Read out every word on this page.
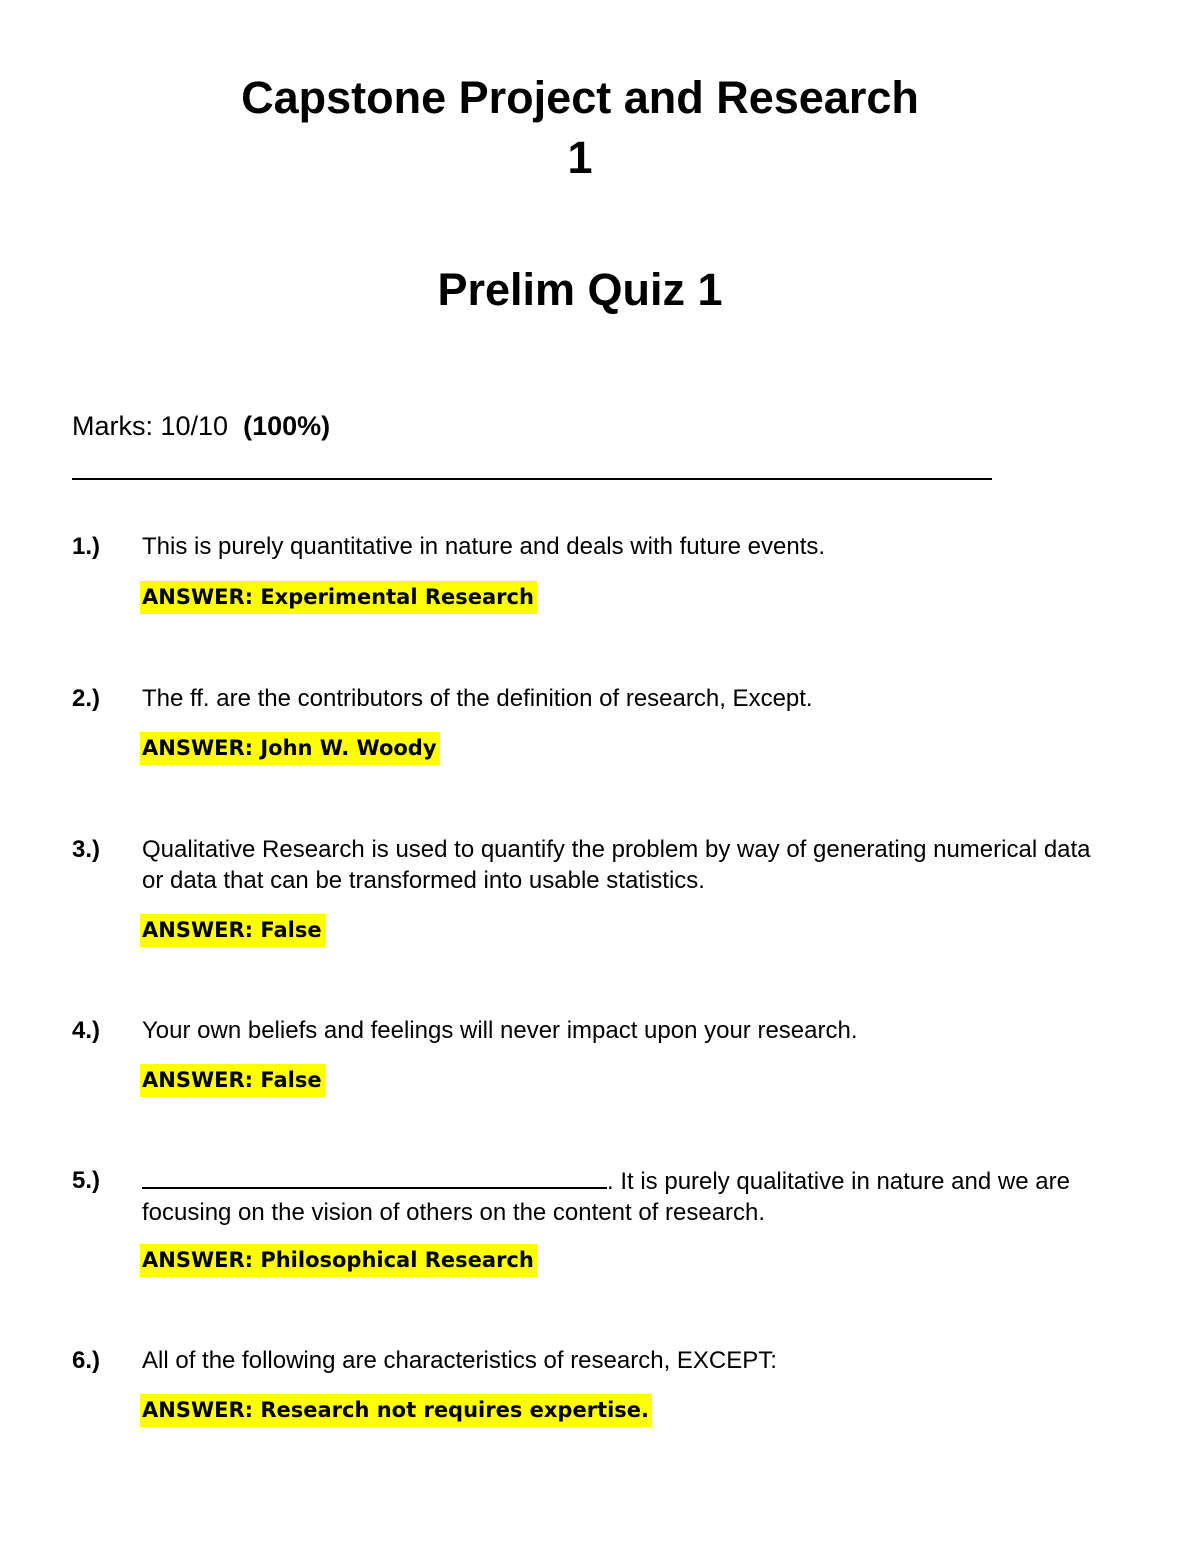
Capstone Project and Research
1
Prelim Quiz 1
Marks: 10/10 (100%)
1.) This is purely quantitative in nature and deals with future events.

ANSWER: Experimental Research
2.) The ff. are the contributors of the definition of research, Except.

ANSWER: John W. Woody
3.) Qualitative Research is used to quantify the problem by way of generating numerical data or data that can be transformed into usable statistics.

ANSWER: False
4.) Your own beliefs and feelings will never impact upon your research.

ANSWER: False
5.)	. It is purely qualitative in nature and we are focusing on the vision of others on the content of research.

ANSWER: Philosophical Research
6.) All of the following are characteristics of research, EXCEPT:

ANSWER: Research not requires expertise.
